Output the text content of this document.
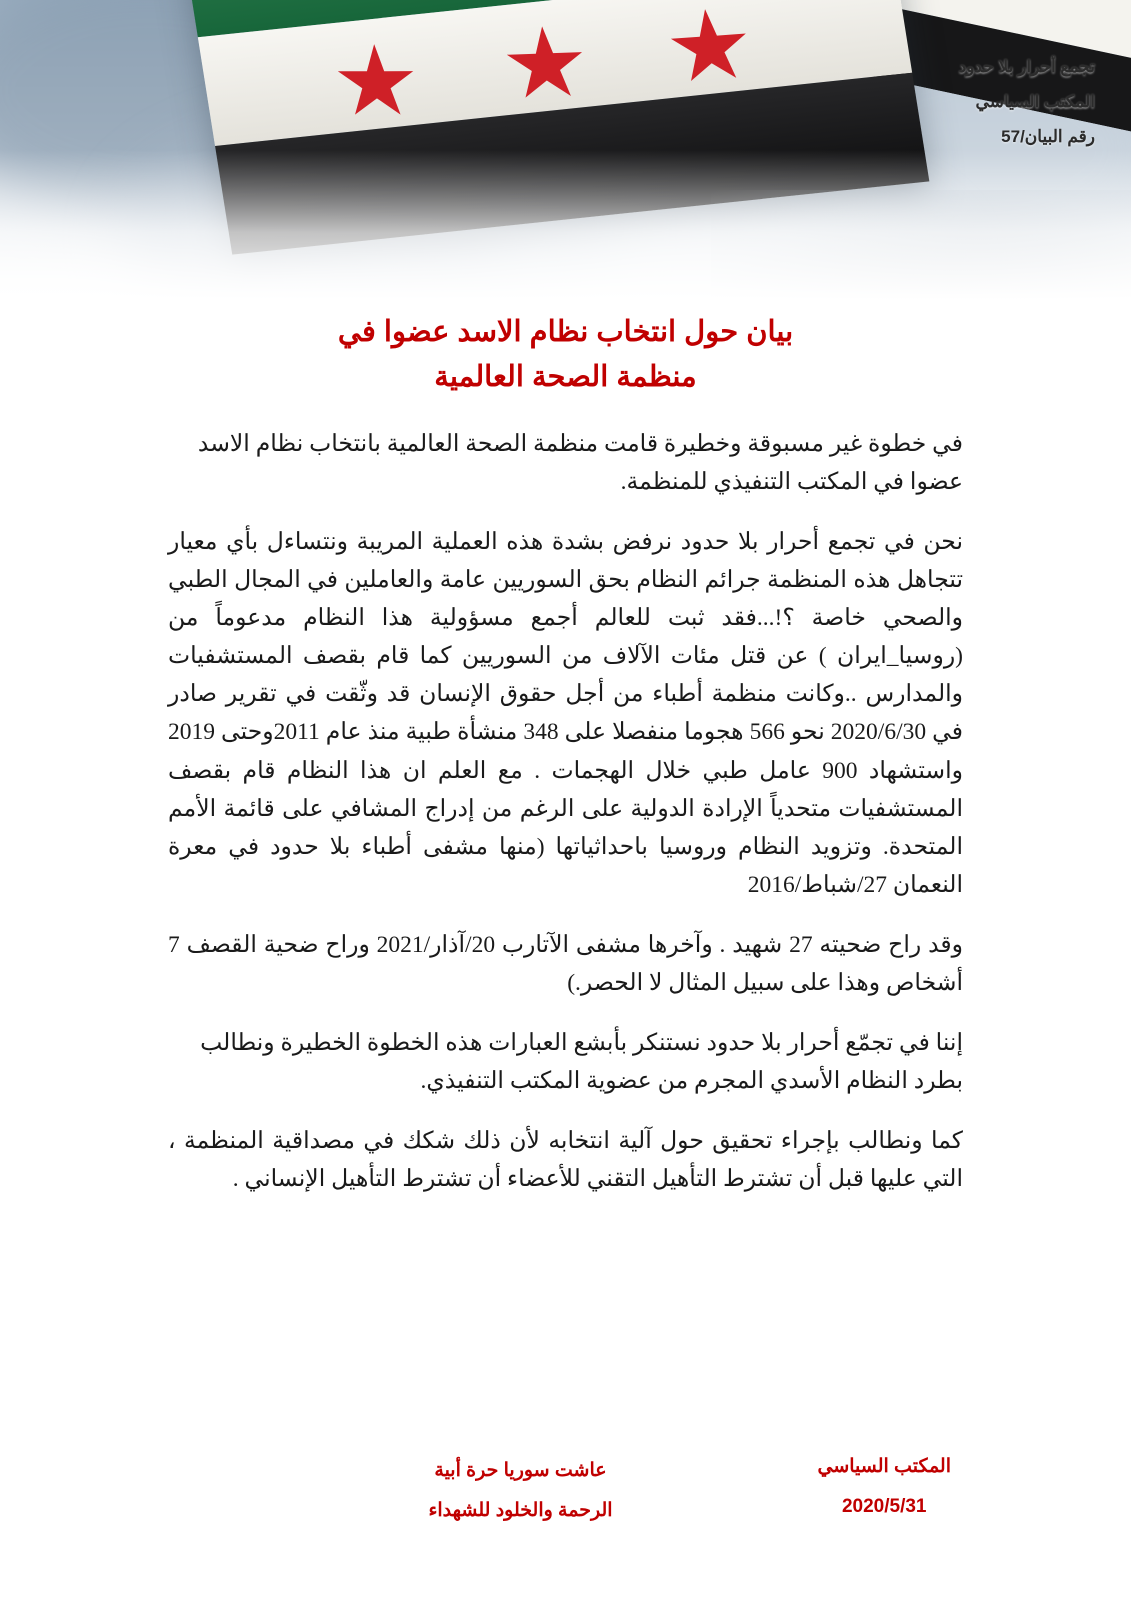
تجمع أحرار بلا حدود
المكتب السياسي
رقم البيان/57
بيان حول انتخاب نظام الاسد عضوا في
منظمة الصحة العالمية

في خطوة غير مسبوقة وخطيرة قامت منظمة الصحة العالمية بانتخاب نظام الاسد عضوا في المكتب التنفيذي للمنظمة.

نحن في تجمع أحرار بلا حدود نرفض بشدة هذه العملية المريبة ونتساءل بأي معيار تتجاهل هذه المنظمة جرائم النظام بحق السوريين عامة والعاملين في المجال الطبي والصحي خاصة ؟!...فقد ثبت للعالم أجمع مسؤولية هذا النظام مدعوماً من (روسيا_ايران ) عن قتل مئات الآلاف من السوريين كما قام بقصف المستشفيات والمدارس ..وكانت منظمة أطباء من أجل حقوق الإنسان قد وثّقت في تقرير صادر في 2020/6/30 نحو 566 هجوما منفصلا على 348 منشأة طبية منذ عام 2011وحتى 2019 واستشهاد 900 عامل طبي خلال الهجمات . مع العلم ان هذا النظام قام بقصف المستشفيات متحدياً الإرادة الدولية على الرغم من إدراج المشافي على قائمة الأمم المتحدة. وتزويد النظام وروسيا باحداثياتها (منها مشفى أطباء بلا حدود في معرة النعمان 27/شباط/2016

وقد راح ضحيته 27 شهيد . وآخرها مشفى الآتارب 20/آذار/2021 وراح ضحية القصف 7 أشخاص وهذا على سبيل المثال لا الحصر.)

إننا في تجمّع أحرار بلا حدود نستنكر بأبشع العبارات هذه الخطوة الخطيرة ونطالب بطرد النظام الأسدي المجرم من عضوية المكتب التنفيذي.

كما ونطالب بإجراء تحقيق حول آلية انتخابه لأن ذلك شكك في مصداقية المنظمة ، التي عليها قبل أن تشترط التأهيل التقني للأعضاء أن تشترط التأهيل الإنساني .

المكتب السياسي
2020/5/31
عاشت سوريا حرة أبية
الرحمة والخلود للشهداء
